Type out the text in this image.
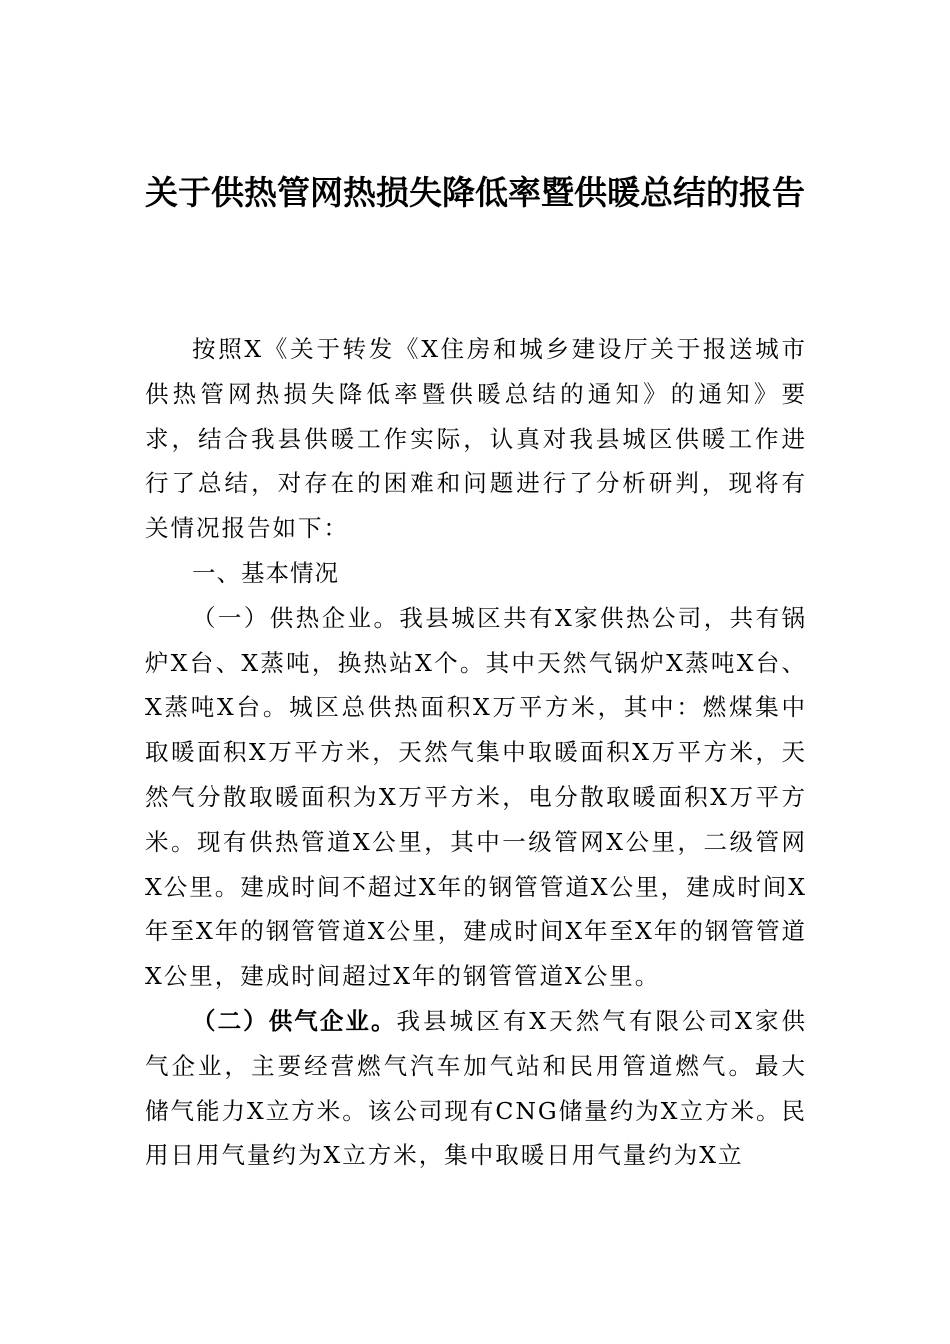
关于供热管网热损失降低率暨供暖总结的报告

按照X《关于转发《X住房和城乡建设厅关于报送城市供热管网热损失降低率暨供暖总结的通知》的通知》要求，结合我县供暖工作实际，认真对我县城区供暖工作进行了总结，对存在的困难和问题进行了分析研判，现将有关情况报告如下：

一、基本情况

（一）供热企业。我县城区共有X家供热公司，共有锅炉X台、X蒸吨，换热站X个。其中天然气锅炉X蒸吨X台、X蒸吨X台。城区总供热面积X万平方米，其中：燃煤集中取暖面积X万平方米，天然气集中取暖面积X万平方米，天然气分散取暖面积为X万平方米，电分散取暖面积X万平方米。现有供热管道X公里，其中一级管网X公里，二级管网X公里。建成时间不超过X年的钢管管道X公里，建成时间X年至X年的钢管管道X公里，建成时间X年至X年的钢管管道X公里，建成时间超过X年的钢管管道X公里。

（二）供气企业。我县城区有X天然气有限公司X家供气企业，主要经营燃气汽车加气站和民用管道燃气。最大储气能力X立方米。该公司现有CNG储量约为X立方米。民用日用气量约为X立方米，集中取暖日用气量约为X立
